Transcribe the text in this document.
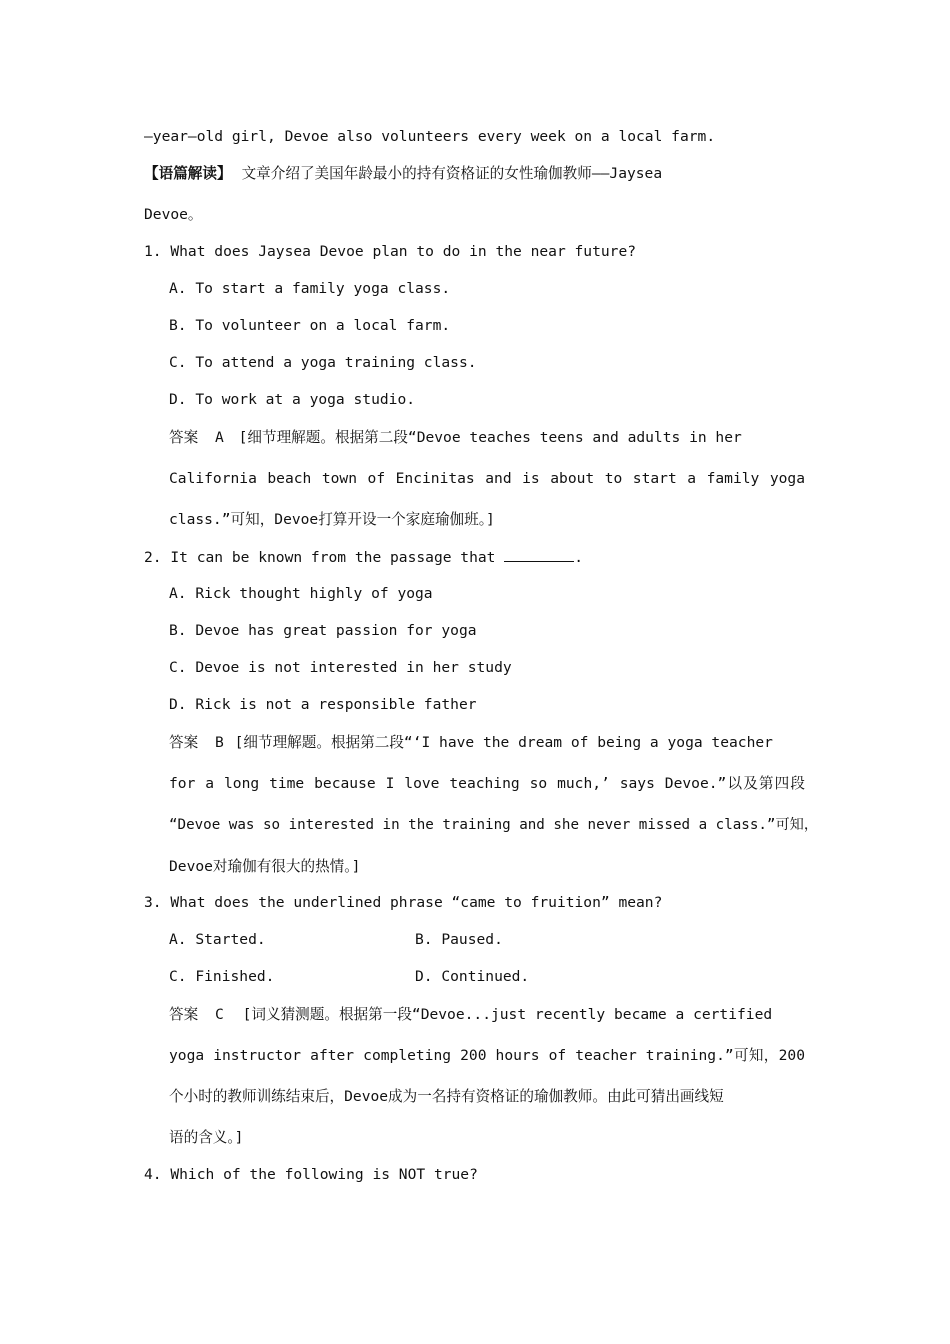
—year—old girl, Devoe also volunteers every week on a local farm.
【语篇解读】 文章介绍了美国年龄最小的持有资格证的女性瑜伽教师——Jaysea
Devoe。
1. What does Jaysea Devoe plan to do in the near future?
A. To start a family yoga class.
B. To volunteer on a local farm.
C. To attend a yoga training class.
D. To work at a yoga studio.
答案 A [细节理解题。根据第二段“Devoe teaches teens and adults in her
California beach town of Encinitas and is about to start a family yoga
class.”可知，Devoe打算开设一个家庭瑜伽班。]
2. It can be known from the passage that	.
A. Rick thought highly of yoga
B. Devoe has great passion for yoga
C. Devoe is not interested in her study
D. Rick is not a responsible father
答案 B [细节理解题。根据第二段“‘I have the dream of being a yoga teacher
for a long time because I love teaching so much,’ says Devoe.”以及第四段
“Devoe was so interested in the training and she never missed a class.”可知，
Devoe对瑜伽有很大的热情。]
3. What does the underlined phrase “came to fruition” mean?
A. Started.	B. Paused.
C. Finished.	D. Continued.
答案 C [词义猜测题。根据第一段“Devoe...just recently became a certified
yoga instructor after completing 200 hours of teacher training.”可知，200
个小时的教师训练结束后，Devoe成为一名持有资格证的瑜伽教师。由此可猜出画线短
语的含义。]
4. Which of the following is NOT true?
